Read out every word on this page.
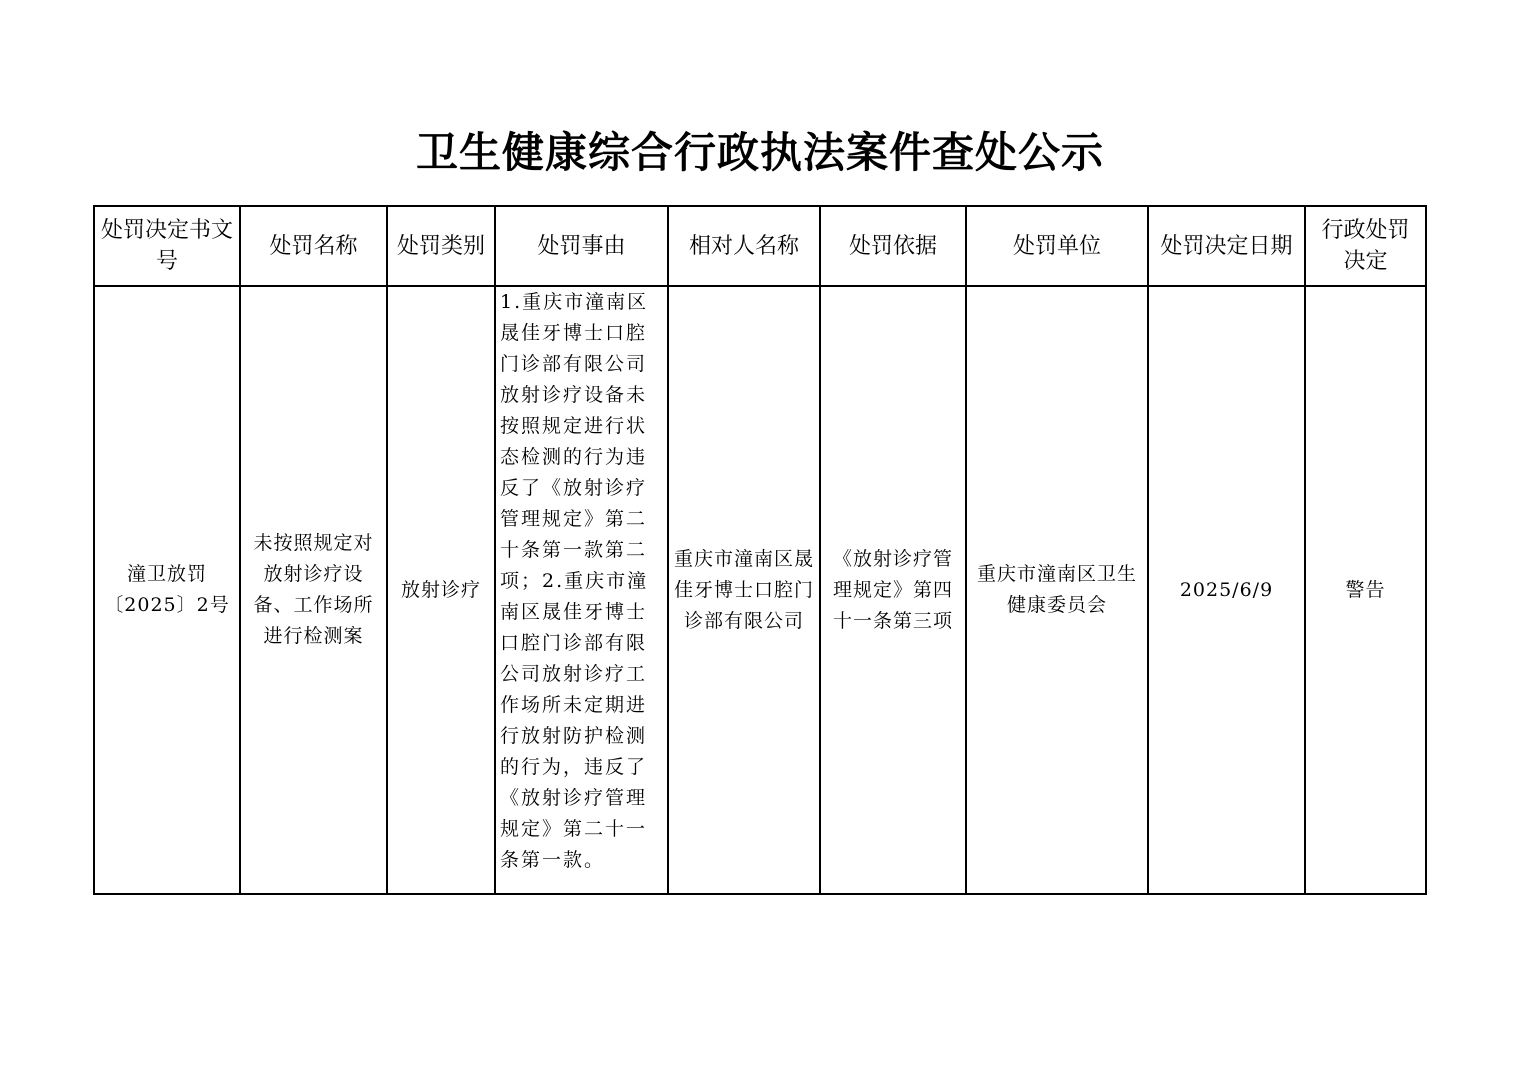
卫生健康综合行政执法案件查处公示
处罚决定书文号	处罚名称	处罚类别	处罚事由	相对人名称	处罚依据	处罚单位	处罚决定日期	行政处罚决定
潼卫放罚〔2025〕2号	未按照规定对放射诊疗设备、工作场所进行检测案	放射诊疗	1.重庆市潼南区晟佳牙博士口腔门诊部有限公司放射诊疗设备未按照规定进行状态检测的行为违反了《放射诊疗管理规定》第二十条第一款第二项；2.重庆市潼南区晟佳牙博士口腔门诊部有限公司放射诊疗工作场所未定期进行放射防护检测的行为，违反了《放射诊疗管理规定》第二十一条第一款。	重庆市潼南区晟佳牙博士口腔门诊部有限公司	《放射诊疗管理规定》第四十一条第三项	重庆市潼南区卫生健康委员会	2025/6/9	警告
